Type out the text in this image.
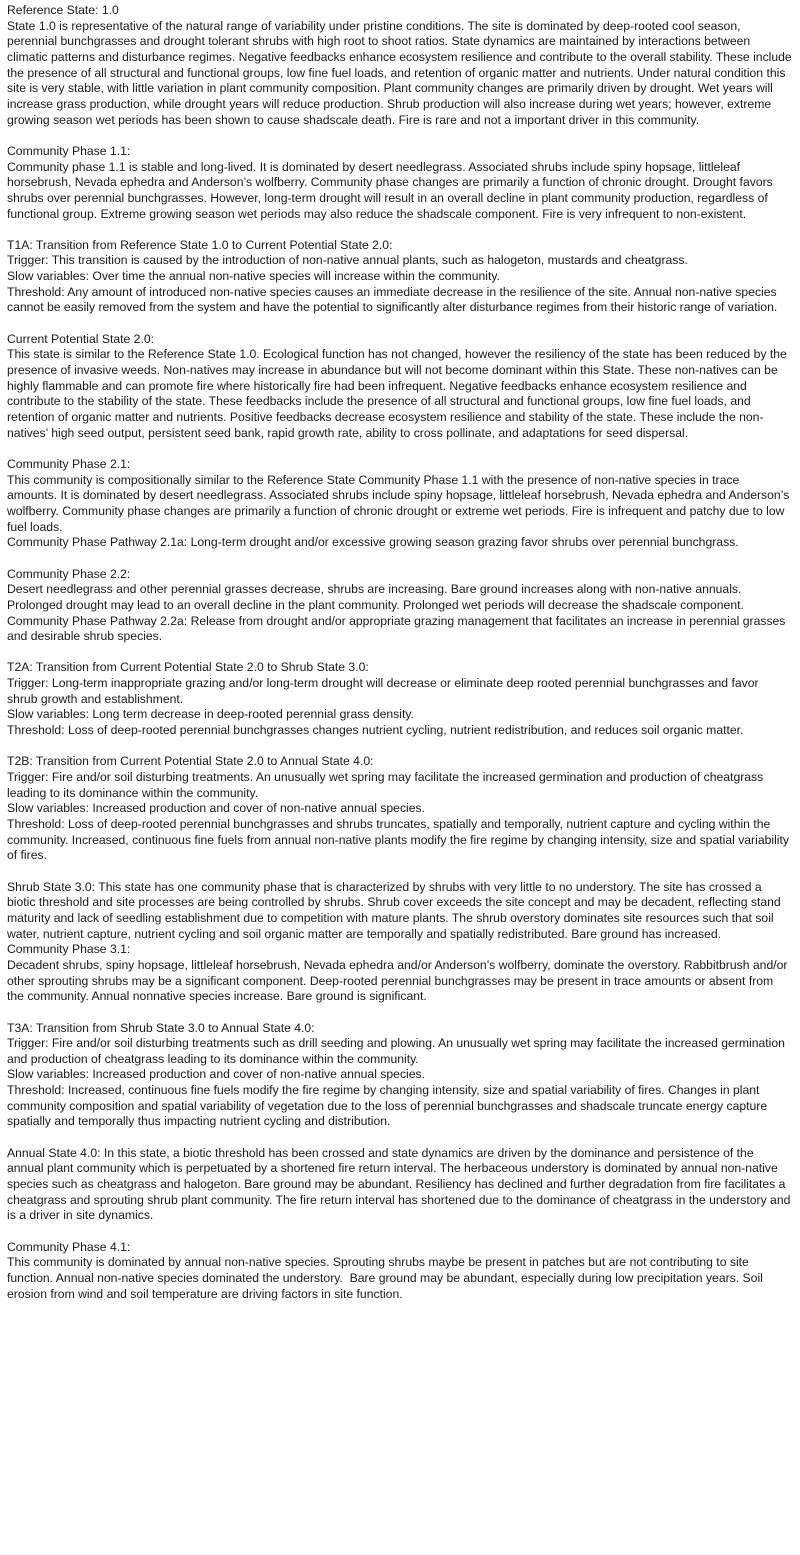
Reference State: 1.0
State 1.0 is representative of the natural range of variability under pristine conditions. The site is dominated by deep-rooted cool season, perennial bunchgrasses and drought tolerant shrubs with high root to shoot ratios. State dynamics are maintained by interactions between climatic patterns and disturbance regimes. Negative feedbacks enhance ecosystem resilience and contribute to the overall stability. These include the presence of all structural and functional groups, low fine fuel loads, and retention of organic matter and nutrients. Under natural condition this site is very stable, with little variation in plant community composition. Plant community changes are primarily driven by drought. Wet years will increase grass production, while drought years will reduce production. Shrub production will also increase during wet years; however, extreme growing season wet periods has been shown to cause shadscale death. Fire is rare and not a important driver in this community.
Community Phase 1.1:
Community phase 1.1 is stable and long-lived. It is dominated by desert needlegrass. Associated shrubs include spiny hopsage, littleleaf horsebrush, Nevada ephedra and Anderson’s wolfberry. Community phase changes are primarily a function of chronic drought. Drought favors shrubs over perennial bunchgrasses. However, long-term drought will result in an overall decline in plant community production, regardless of functional group. Extreme growing season wet periods may also reduce the shadscale component. Fire is very infrequent to non-existent.
T1A: Transition from Reference State 1.0 to Current Potential State 2.0:
Trigger: This transition is caused by the introduction of non-native annual plants, such as halogeton, mustards and cheatgrass.
Slow variables: Over time the annual non-native species will increase within the community.
Threshold: Any amount of introduced non-native species causes an immediate decrease in the resilience of the site. Annual non-native species cannot be easily removed from the system and have the potential to significantly alter disturbance regimes from their historic range of variation.
Current Potential State 2.0:
This state is similar to the Reference State 1.0. Ecological function has not changed, however the resiliency of the state has been reduced by the presence of invasive weeds. Non-natives may increase in abundance but will not become dominant within this State. These non-natives can be highly flammable and can promote fire where historically fire had been infrequent. Negative feedbacks enhance ecosystem resilience and contribute to the stability of the state. These feedbacks include the presence of all structural and functional groups, low fine fuel loads, and retention of organic matter and nutrients. Positive feedbacks decrease ecosystem resilience and stability of the state. These include the non-natives’ high seed output, persistent seed bank, rapid growth rate, ability to cross pollinate, and adaptations for seed dispersal.
Community Phase 2.1:
This community is compositionally similar to the Reference State Community Phase 1.1 with the presence of non-native species in trace amounts. It is dominated by desert needlegrass. Associated shrubs include spiny hopsage, littleleaf horsebrush, Nevada ephedra and Anderson’s wolfberry. Community phase changes are primarily a function of chronic drought or extreme wet periods. Fire is infrequent and patchy due to low fuel loads.
Community Phase Pathway 2.1a: Long-term drought and/or excessive growing season grazing favor shrubs over perennial bunchgrass.
Community Phase 2.2:
Desert needlegrass and other perennial grasses decrease, shrubs are increasing. Bare ground increases along with non-native annuals. Prolonged drought may lead to an overall decline in the plant community. Prolonged wet periods will decrease the shadscale component.
Community Phase Pathway 2.2a: Release from drought and/or appropriate grazing management that facilitates an increase in perennial grasses and desirable shrub species.
T2A: Transition from Current Potential State 2.0 to Shrub State 3.0:
Trigger: Long-term inappropriate grazing and/or long-term drought will decrease or eliminate deep rooted perennial bunchgrasses and favor shrub growth and establishment.
Slow variables: Long term decrease in deep-rooted perennial grass density.
Threshold: Loss of deep-rooted perennial bunchgrasses changes nutrient cycling, nutrient redistribution, and reduces soil organic matter.
T2B: Transition from Current Potential State 2.0 to Annual State 4.0:
Trigger: Fire and/or soil disturbing treatments. An unusually wet spring may facilitate the increased germination and production of cheatgrass leading to its dominance within the community.
Slow variables: Increased production and cover of non-native annual species.
Threshold: Loss of deep-rooted perennial bunchgrasses and shrubs truncates, spatially and temporally, nutrient capture and cycling within the community. Increased, continuous fine fuels from annual non-native plants modify the fire regime by changing intensity, size and spatial variability of fires.
Shrub State 3.0: This state has one community phase that is characterized by shrubs with very little to no understory. The site has crossed a biotic threshold and site processes are being controlled by shrubs. Shrub cover exceeds the site concept and may be decadent, reflecting stand maturity and lack of seedling establishment due to competition with mature plants. The shrub overstory dominates site resources such that soil water, nutrient capture, nutrient cycling and soil organic matter are temporally and spatially redistributed. Bare ground has increased.
Community Phase 3.1:
Decadent shrubs, spiny hopsage, littleleaf horsebrush, Nevada ephedra and/or Anderson’s wolfberry, dominate the overstory. Rabbitbrush and/or other sprouting shrubs may be a significant component. Deep-rooted perennial bunchgrasses may be present in trace amounts or absent from the community. Annual nonnative species increase. Bare ground is significant.
T3A: Transition from Shrub State 3.0 to Annual State 4.0:
Trigger: Fire and/or soil disturbing treatments such as drill seeding and plowing. An unusually wet spring may facilitate the increased germination and production of cheatgrass leading to its dominance within the community.
Slow variables: Increased production and cover of non-native annual species.
Threshold: Increased, continuous fine fuels modify the fire regime by changing intensity, size and spatial variability of fires. Changes in plant community composition and spatial variability of vegetation due to the loss of perennial bunchgrasses and shadscale truncate energy capture spatially and temporally thus impacting nutrient cycling and distribution.
Annual State 4.0: In this state, a biotic threshold has been crossed and state dynamics are driven by the dominance and persistence of the annual plant community which is perpetuated by a shortened fire return interval. The herbaceous understory is dominated by annual non-native species such as cheatgrass and halogeton. Bare ground may be abundant. Resiliency has declined and further degradation from fire facilitates a cheatgrass and sprouting shrub plant community. The fire return interval has shortened due to the dominance of cheatgrass in the understory and is a driver in site dynamics.
Community Phase 4.1:
This community is dominated by annual non-native species. Sprouting shrubs maybe be present in patches but are not contributing to site function. Annual non-native species dominated the understory.  Bare ground may be abundant, especially during low precipitation years. Soil erosion from wind and soil temperature are driving factors in site function.
